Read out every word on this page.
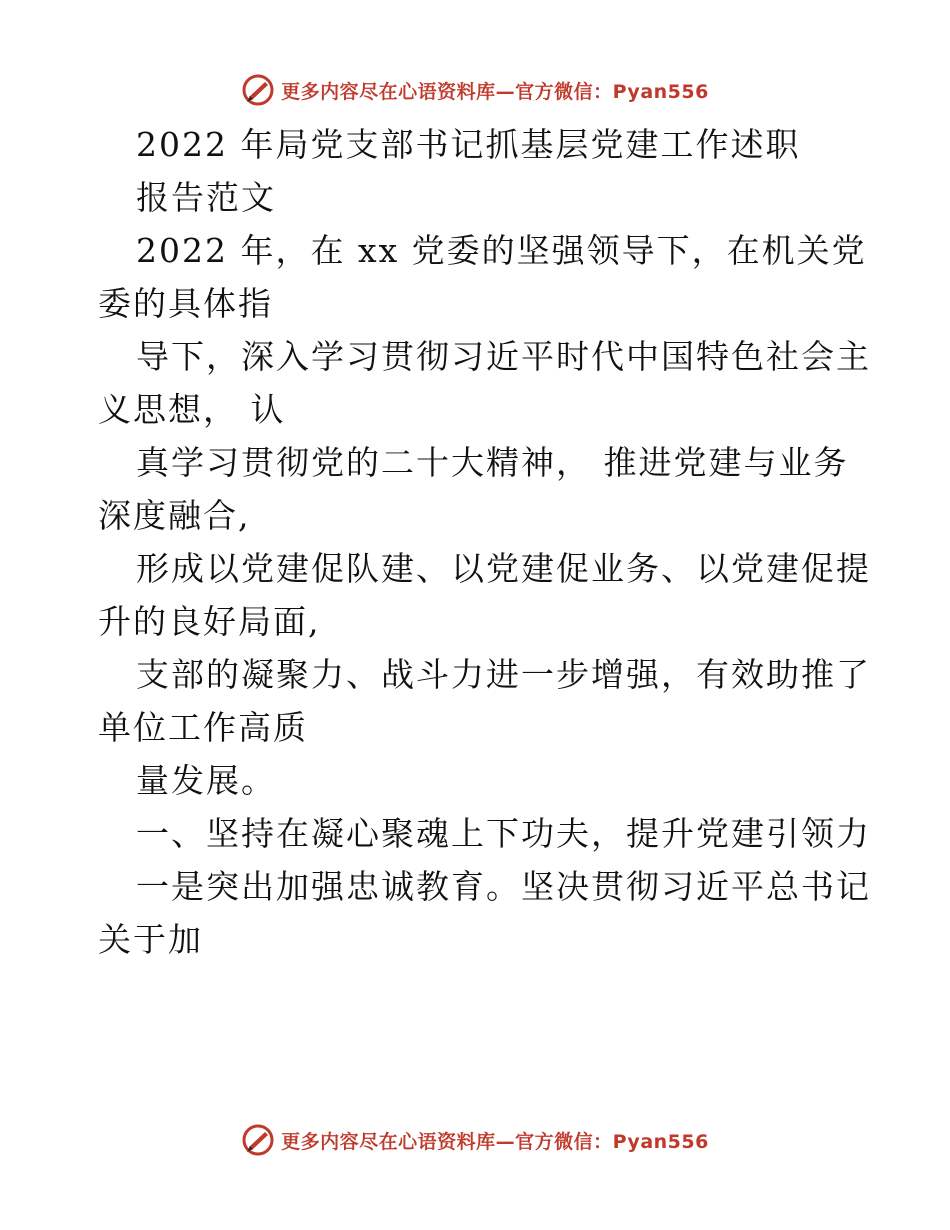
更多内容尽在心语资料库—官方微信：Pyan556
2022 年局党支部书记抓基层党建工作述职
报告范文
2022 年，在 xx 党委的坚强领导下，在机关党
委的具体指
导下，深入学习贯彻习近平时代中国特色社会主
义思想， 认
真学习贯彻党的二十大精神， 推进党建与业务
深度融合,
形成以党建促队建、以党建促业务、以党建促提
升的良好局面,
支部的凝聚力、战斗力进一步增强，有效助推了
单位工作高质
量发展。
一、坚持在凝心聚魂上下功夫，提升党建引领力
一是突出加强忠诚教育。坚决贯彻习近平总书记
关于加
更多内容尽在心语资料库—官方微信：Pyan556
